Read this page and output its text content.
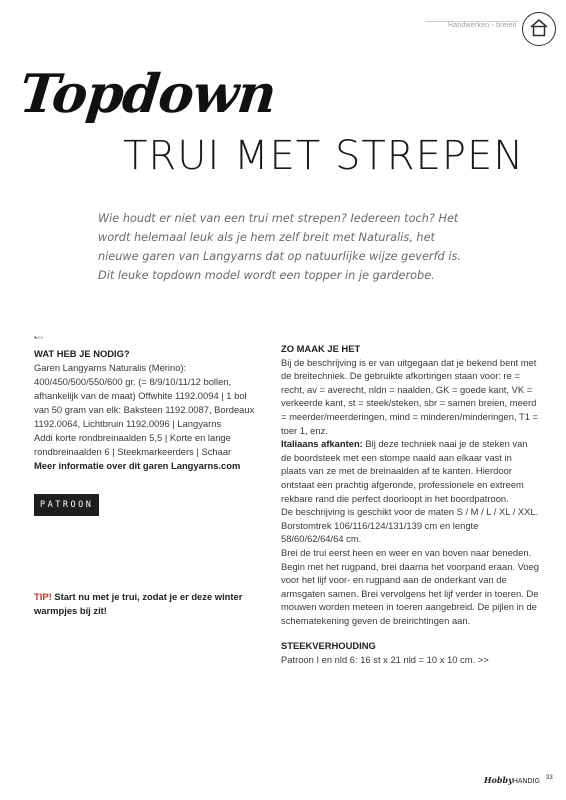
Handwerken - breien
Topdown
TRUI MET STREPEN
Wie houdt er niet van een trui met strepen? Iedereen toch? Het wordt helemaal leuk als je hem zelf breit met Naturalis, het nieuwe garen van Langyarns dat op natuurlijke wijze geverfd is. Dit leuke topdown model wordt een topper in je garderobe.
***
WAT HEB JE NODIG?
Garen Langyarns Naturalis (Merino):
400/450/500/550/600 gr. (= 8/9/10/11/12 bollen,
afhankelijk van de maat) Offwhite 1192.0094 | 1 bol
van 50 gram van elk: Baksteen 1192.0087, Bordeaux
1192.0064, Lichtbruin 1192.0096 | Langyarns
Addi korte rondbreinaalden 5,5 | Korte en lange
rondbreinaalden 6 | Steekmarkeerders | Schaar
Meer informatie over dit garen Langyarns.com
PATROON
TIP! Start nu met je trui, zodat je er deze winter warmpjes bij zit!
ZO MAAK JE HET

Bij de beschrijving is er van uitgegaan dat je bekend bent met de breitechniek. De gebruikte afkortingen staan voor: re = recht, av = averecht, nldn = naalden, GK = goede kant, VK = verkeerde kant, st = steek/steken, sbr = samen breien, meerd = meerder/meerderingen, mind = minderen/minderingen, T1 = toer 1, enz.

Italiaans afkanten: Bij deze techniek naai je de steken van de boordsteek met een stompe naald aan elkaar vast in plaats van ze met de breinaalden af te kanten. Hierdoor ontstaat een prachtig afgeronde, professionele en extreem rekbare rand die perfect doorloopt in het boordpatroon.

De beschrijving is geschikt voor de maten S / M / L / XL / XXL. Borstomtrek 106/116/124/131/139 cm en lengte 58/60/62/64/64 cm.

Brei de trui eerst heen en weer en van boven naar beneden. Begin met het rugpand, brei daarna het voorpand eraan. Voeg voor het lijf voor- en rugpand aan de onderkant van de armsgaten samen. Brei vervolgens het lijf verder in toeren. De mouwen worden meteen in toeren aangebreid. De pijlen in de schematekening geven de breirichtingen aan.

STEEKVERHOUDING

Patroon I en nld 6: 16 st x 21 nld = 10 x 10 cm. >>

HobbyHANDIG 33
